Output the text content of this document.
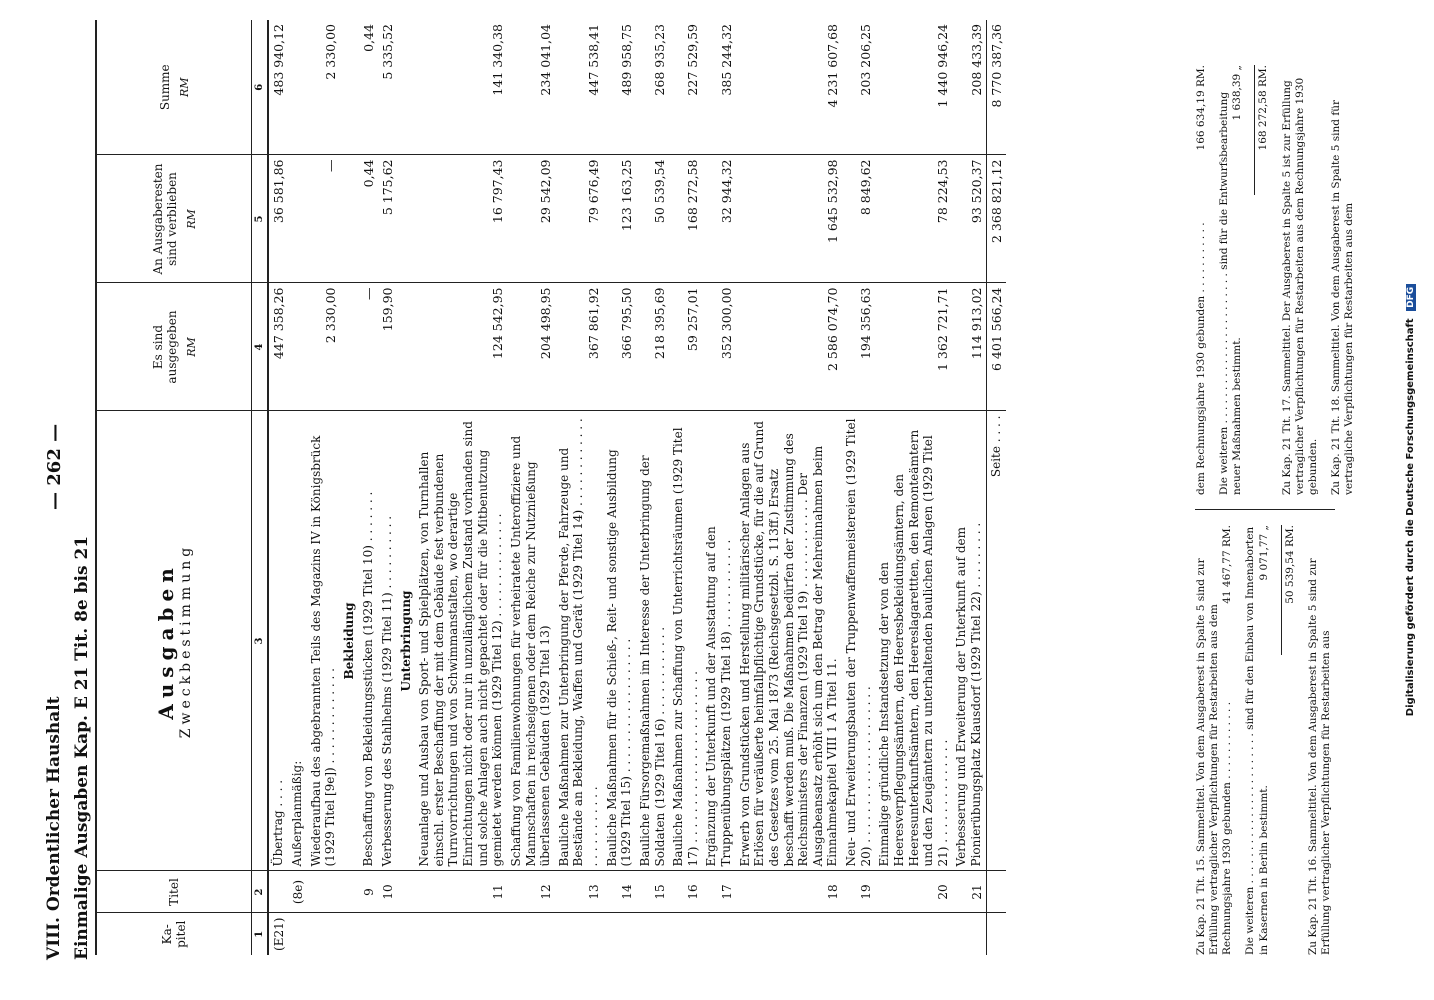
VIII. Ordentlicher Haushalt
— 262 —
Einmalige Ausgaben Kap. E 21 Tit. 8e bis 21	Ka-pitel	Titel	Ausgaben Zweckbestimmung	Es sind ausgegeben RM	An Ausgaberesten sind verblieben RM	Summe RM

1	2	3	4	5	6
(E21)		Übertrag . . . .	447 358,26	36 581,86	483 940,12
	(8e)	Außerplanmäßig:			
		Wiederaufbau des abgebrannten Teils des Magazins IV in Königsbrück (1929 Titel [9e]) . . . . . . . . . . . . .	2 330,00	—	2 330,00
		Bekleidung			
	9	Beschaffung von Bekleidungsstücken (1929 Titel 10) . . . . . . .	—	0,44	0,44
	10	Verbesserung des Stahlhelms (1929 Titel 11) . . . . . . . . . .	159,90	5 175,62	5 335,52
		Unterbringung			
	11	Neuanlage und Ausbau von Sport- und Spielplätzen, von Turnhallen einschl. erster Beschaffung der mit dem Gebäude fest verbundenen Turnvorrichtungen und von Schwimmanstalten, wo derartige Einrichtungen nicht oder nur in unzulänglichem Zustand vorhanden sind und solche Anlagen auch nicht gepachtet oder für die Mitbenutzung gemietet werden können (1929 Titel 12) . . . . . . . . . . . . . .	124 542,95	16 797,43	141 340,38
	12	Schaffung von Familienwohnungen für verheiratete Unteroffiziere und Mannschaften in reichseigenen oder dem Reiche zur Nutznießung überlassenen Gebäuden (1929 Titel 13)	204 498,95	29 542,09	234 041,04
	13	Bauliche Maßnahmen zur Unterbringung der Pferde, Fahrzeuge und Bestände an Bekleidung, Waffen und Gerät (1929 Titel 14) . . . . . . . . . . . . . . . . . . . . . . .	367 861,92	79 676,49	447 538,41
	14	Bauliche Maßnahmen für die Schieß-, Reit- und sonstige Ausbildung (1929 Titel 15) . . . . . . . . . . . . . . . . . .	366 795,50	123 163,25	489 958,75
	15	Bauliche Fürsorgemaßnahmen im Interesse der Unterbringung der Soldaten (1929 Titel 16) . . . . . . . . . . . .	218 395,69	50 539,54	268 935,23
	16	Bauliche Maßnahmen zur Schaffung von Unterrichtsräumen (1929 Titel 17) . . . . . . . . . . . . . . . . . . . . . . .	59 257,01	168 272,58	227 529,59
	17	Ergänzung der Unterkunft und der Ausstattung auf den Truppenübungsplätzen (1929 Titel 18) . . . . . . . . . . . .	352 300,00	32 944,32	385 244,32
	18	Erwerb von Grundstücken und Herstellung militärischer Anlagen aus Erlösen für veräußerte heimfallpflichtige Grundstücke, für die auf Grund des Gesetzes vom 25. Mai 1873 (Reichsgesetzbl. S. 113ff.) Ersatz beschafft werden muß. Die Maßnahmen bedürfen der Zustimmung des Reichsministers der Finanzen (1929 Titel 19) . . . . . . . . . . . . Der Ausgabeansatz erhöht sich um den Betrag der Mehreinnahmen beim Einnahmekapitel VIII 1 A Titel 11.	2 586 074,70	1 645 532,98	4 231 607,68
	19	Neu- und Erweiterungsbauten der Truppenwaffenmeistereien (1929 Titel 20) . . . . . . . . . . . . . . . . . . . . .	194 356,63	8 849,62	203 206,25
	20	Einmalige gründliche Instandsetzung der von den Heeresverpflegungsämtern, den Heeresbekleidungsämtern, den Heeresunterkunftsämtern, den Heereslagarettten, den Remonteämtern und den Zeugämtern zu unterhaltenden baulichen Anlagen (1929 Titel 21) . . . . . . . . . . . . . .	1 362 721,71	78 224,53	1 440 946,24
	21	Verbesserung und Erweiterung der Unterkunft auf dem Pionierübungsplatz Klausdorf (1929 Titel 22) . . . . . . . . .	114 913,02	93 520,37	208 433,39
		Seite . . . .	6 401 566,24	2 368 821,12	8 770 387,36
Zu Kap. 21 Tit. 15. Sammeltitel. Von dem Ausgaberest in Spalte 5 sind zur Erfüllung vertraglicher Verpflichtungen für Restarbeiten aus dem Rechnungsjahre 1930 gebunden . . . . . . . . . . . .
41 467,77 RM. Die weiteren . . . . . . . . . . . . . . . . . . . . . . . sind für den Einbau von Innenaborten in Kasernen in Berlin bestimmt.
9 071,77 „ 50 539,54 RM. Zu Kap. 21 Tit. 16. Sammeltitel. Von dem Ausgaberest in Spalte 5 sind zur Erfüllung vertraglicher Verpflichtungen für Restarbeiten aus
dem Rechnungsjahre 1930 gebunden . . . . . . . . . . .
166 634,19 RM. Die weiteren . . . . . . . . . . . . . . . . . . . . . . . sind für die Entwurfsbearbeitung neuer Maßnahmen bestimmt.
1 638,39 „ 168 272,58 RM. Zu Kap. 21 Tit. 17. Sammeltitel. Der Ausgaberest in Spalte 5 ist zur Erfüllung vertraglicher Verpflichtungen für Restarbeiten aus dem Rechnungsjahre 1930 gebunden. Zu Kap. 21 Tit. 18. Sammeltitel. Von dem Ausgaberest in Spalte 5 sind für vertragliche Verpflichtungen für Restarbeiten aus dem	Digitalisierung gefördert durch die Deutsche Forschungsgemeinschaft DFG
